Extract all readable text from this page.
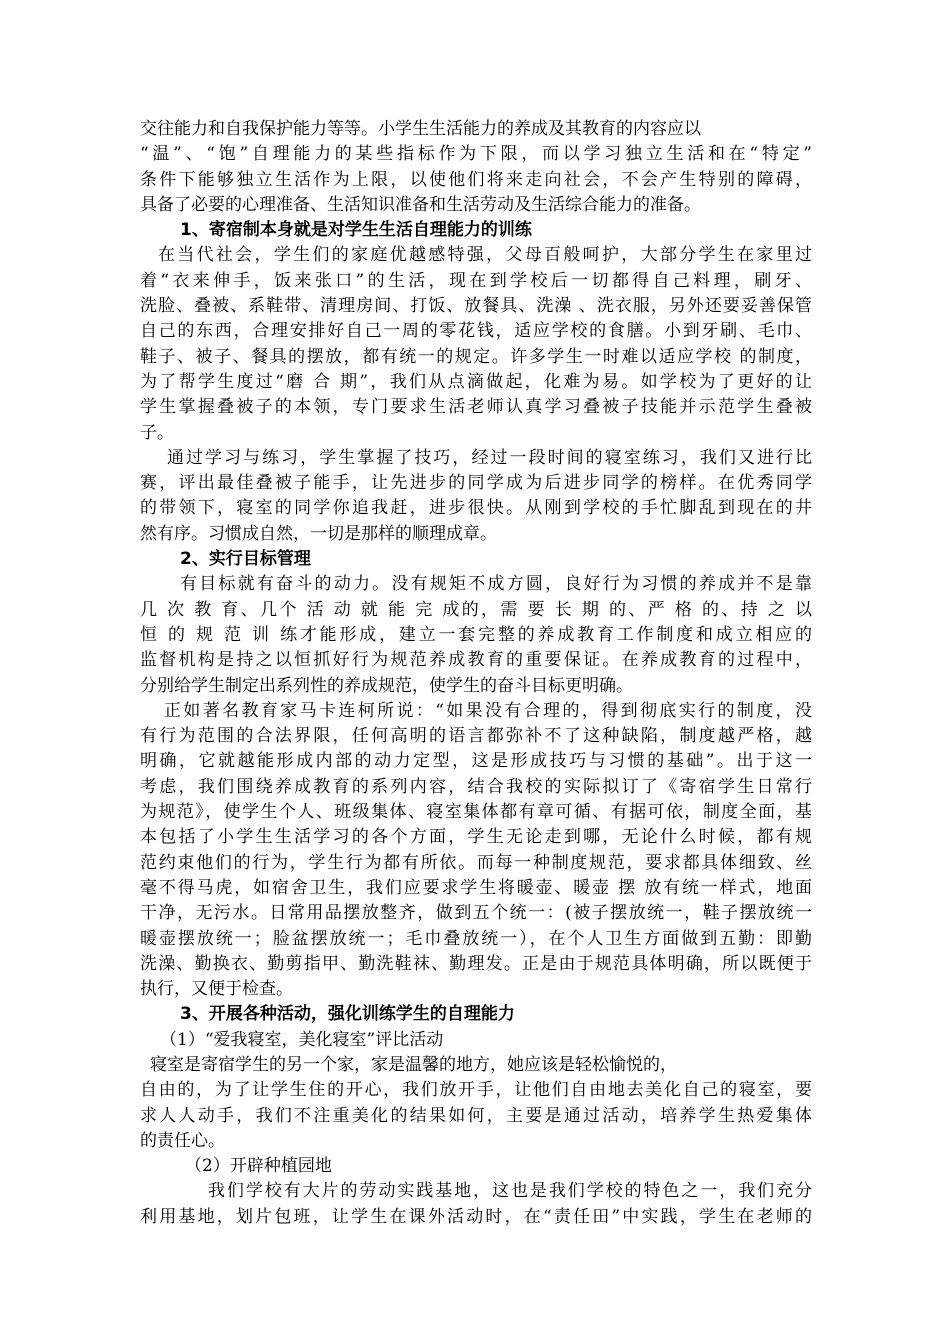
交往能力和自我保护能力等等。小学生生活能力的养成及其教育的内容应以
“温”、“饱”自理能力的某些指标作为下限，而以学习独立生活和在“特定”
条件下能够独立生活作为上限，以使他们将来走向社会，不会产生特别的障碍，
具备了必要的心理准备、生活知识准备和生活劳动及生活综合能力的准备。
1、寄宿制本身就是对学生生活自理能力的训练
在当代社会，学生们的家庭优越感特强，父母百般呵护，大部分学生在家里过
着“衣来伸手，饭来张口”的生活，现在到学校后一切都得自己料理，刷牙、
洗脸、叠被、系鞋带、清理房间、打饭、放餐具、洗澡 、洗衣服，另外还要妥善保管
自己的东西，合理安排好自己一周的零花钱，适应学校的食膳。小到牙刷、毛巾、
鞋子、被子、餐具的摆放，都有统一的规定。许多学生一时难以适应学校 的制度，
为了帮学生度过“磨 合 期”，我们从点滴做起，化难为易。如学校为了更好的让
学生掌握叠被子的本领，专门要求生活老师认真学习叠被子技能并示范学生叠被
子。
通过学习与练习，学生掌握了技巧，经过一段时间的寝室练习，我们又进行比
赛，评出最佳叠被子能手，让先进步的同学成为后进步同学的榜样。在优秀同学
的带领下，寝室的同学你追我赶，进步很快。从刚到学校的手忙脚乱到现在的井
然有序。习惯成自然，一切是那样的顺理成章。
2、实行目标管理
有目标就有奋斗的动力。没有规矩不成方圆，良好行为习惯的养成并不是靠
几 次 教 育、几个 活 动 就 能 完 成的，需 要 长 期 的、严 格 的、持 之 以
恒 的 规 范 训 练才能形成，建立一套完整的养成教育工作制度和成立相应的
监督机构是持之以恒抓好行为规范养成教育的重要保证。在养成教育的过程中，
分别给学生制定出系列性的养成规范，使学生的奋斗目标更明确。
正如著名教育家马卡连柯所说：“如果没有合理的，得到彻底实行的制度，没
有行为范围的合法界限，任何高明的语言都弥补不了这种缺陷，制度越严格，越
明确，它就越能形成内部的动力定型，这是形成技巧与习惯的基础”。出于这一
考虑，我们围绕养成教育的系列内容，结合我校的实际拟订了《寄宿学生日常行
为规范》，使学生个人、班级集体、寝室集体都有章可循、有据可依，制度全面，基
本包括了小学生生活学习的各个方面，学生无论走到哪，无论什么时候，都有规
范约束他们的行为，学生行为都有所依。而每一种制度规范，要求都具体细致、丝
毫不得马虎，如宿舍卫生，我们应要求学生将暖壶、暖壶 摆 放有统一样式，地面
干净，无污水。日常用品摆放整齐，做到五个统一：(被子摆放统一，鞋子摆放统一
暖壶摆放统一；脸盆摆放统一；毛巾叠放统一），在个人卫生方面做到五勤：即勤
洗澡、勤换衣、勤剪指甲、勤洗鞋袜、勤理发。正是由于规范具体明确，所以既便于
执行，又便于检查。
3、开展各种活动，强化训练学生的自理能力
（1）“爱我寝室，美化寝室”评比活动
寝室是寄宿学生的另一个家，家是温馨的地方，她应该是轻松愉悦的，
自由的，为了让学生住的开心，我们放开手，让他们自由地去美化自己的寝室，要
求人人动手，我们不注重美化的结果如何，主要是通过活动，培养学生热爱集体
的责任心。
（2）开辟种植园地
我们学校有大片的劳动实践基地，这也是我们学校的特色之一，我们充分
利用基地，划片包班，让学生在课外活动时，在“责任田”中实践，学生在老师的
